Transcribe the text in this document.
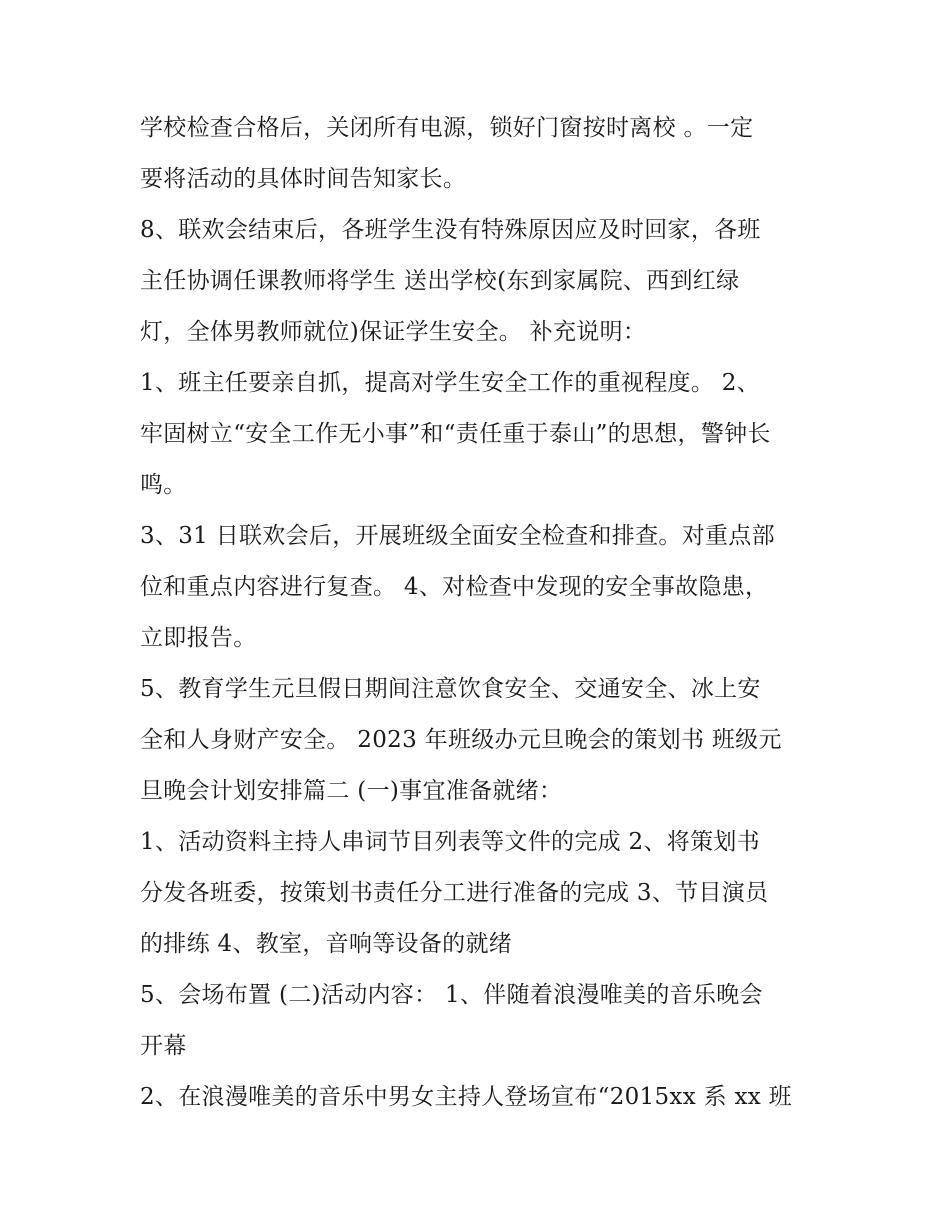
学校检查合格后，关闭所有电源，锁好门窗按时离校 。一定
要将活动的具体时间告知家长。
8、联欢会结束后，各班学生没有特殊原因应及时回家，各班
主任协调任课教师将学生 送出学校(东到家属院、西到红绿
灯，全体男教师就位)保证学生安全。 补充说明：
1、班主任要亲自抓，提高对学生安全工作的重视程度。 2、
牢固树立“安全工作无小事”和“责任重于泰山”的思想，警钟长
鸣。
3、31 日联欢会后，开展班级全面安全检查和排查。对重点部
位和重点内容进行复查。 4、对检查中发现的安全事故隐患，
立即报告。
5、教育学生元旦假日期间注意饮食安全、交通安全、冰上安
全和人身财产安全。 2023 年班级办元旦晚会的策划书 班级元
旦晚会计划安排篇二 (一)事宜准备就绪：
1、活动资料主持人串词节目列表等文件的完成 2、将策划书
分发各班委，按策划书责任分工进行准备的完成 3、节目演员
的排练 4、教室，音响等设备的就绪
5、会场布置 (二)活动内容： 1、伴随着浪漫唯美的音乐晚会
开幕
2、在浪漫唯美的音乐中男女主持人登场宣布“2015xx 系 xx 班
